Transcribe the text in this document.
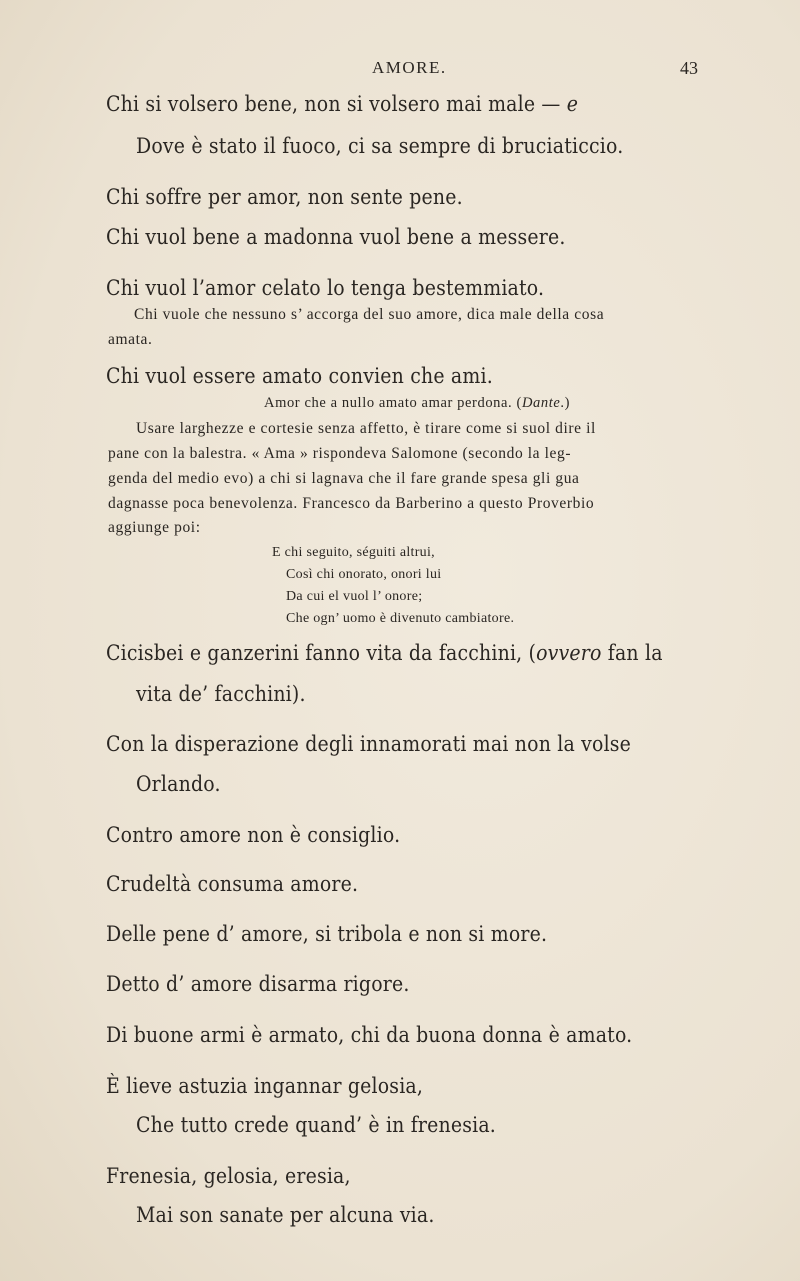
AMORE.	43
Chi si volsero bene, non si volsero mai male — e
Dove è stato il fuoco, ci sa sempre di bruciaticcio.
Chi soffre per amor, non sente pene.
Chi vuol bene a madonna vuol bene a messere.
Chi vuol l’amor celato lo tenga bestemmiato.
Chi vuole che nessuno s’ accorga del suo amore, dica male della cosa
amata.
Chi vuol essere amato convien che ami.
Amor che a nullo amato amar perdona. (Dante.)
Usare larghezze e cortesie senza affetto, è tirare come si suol dire il
pane con la balestra. « Ama » rispondeva Salomone (secondo la leg-
genda del medio evo) a chi si lagnava che il fare grande spesa gli gua
dagnasse poca benevolenza. Francesco da Barberino a questo Proverbio
aggiunge poi:
E chi seguito, séguiti altrui,
Così chi onorato, onori lui
Da cui el vuol l’ onore;
Che ogn’ uomo è divenuto cambiatore.
Cicisbei e ganzerini fanno vita da facchini, (ovvero fan la
vita de’ facchini).
Con la disperazione degli innamorati mai non la volse
Orlando.
Contro amore non è consiglio.
Crudeltà consuma amore.
Delle pene d’ amore, si tribola e non si more.
Detto d’ amore disarma rigore.
Di buone armi è armato, chi da buona donna è amato.
È lieve astuzia ingannar gelosia,
Che tutto crede quand’ è in frenesia.
Frenesia, gelosia, eresia,
Mai son sanate per alcuna via.
